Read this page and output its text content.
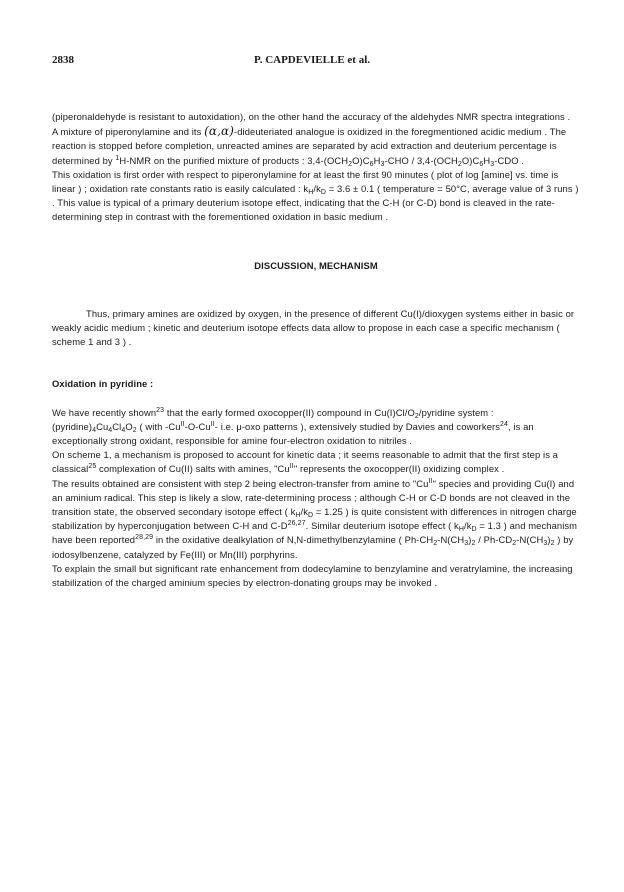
2838	P. CAPDEVIELLE et al.

(piperonaldehyde is resistant to autoxidation), on the other hand the accuracy of the aldehydes NMR spectra integrations .
A mixture of piperonylamine and its (α,α)-dideuteriated analogue is oxidized in the foregmentioned acidic medium . The reaction is stopped before completion, unreacted amines are separated by acid extraction and deuterium percentage is determined by $^1$H-NMR on the purified mixture of products : $3,4-(OCH_2O)C_6H_3$-CHO / $3,4-(OCH_2O)C_6H_3$-CDO .
This oxidation is first order with respect to piperonylamine for at least the first 90 minutes ( plot of log [amine] vs. time is linear ) ; oxidation rate constants ratio is easily calculated : $k_H/k_D = 3.6 \pm 0.1$ ( temperature = 50°C, average value of 3 runs ) . This value is typical of a primary deuterium isotope effect, indicating that the C-H (or C-D) bond is cleaved in the rate-determining step in contrast with the forementioned oxidation in basic medium .

DISCUSSION, MECHANISM

Thus, primary amines are oxidized by oxygen, in the presence of different Cu(I)/dioxygen systems either in basic or weakly acidic medium ; kinetic and deuterium isotope effects data allow to propose in each case a specific mechanism ( scheme 1 and 3 ) .

Oxidation in pyridine :

We have recently shown$^{23}$ that the early formed oxocopper(II) compound in $Cu(I)Cl/O_2$/pyridine system : $(pyridine)_4Cu_4Cl_4O_2$ ( with $-Cu^{II}-O-Cu^{II}-$ i.e. μ-oxo patterns ), extensively studied by Davies and coworkers$^{24}$, is an exceptionally strong oxidant, responsible for amine four-electron oxidation to nitriles .
On scheme 1, a mechanism is proposed to account for kinetic data ; it seems reasonable to admit that the first step is a classical$^{25}$ complexation of Cu(II) salts with amines, "$Cu^{II}$" represents the oxocopper(II) oxidizing complex .
The results obtained are consistent with step 2 being electron-transfer from amine to "$Cu^{II}$" species and providing Cu(I) and an aminium radical. This step is likely a slow, rate-determining process ; although C-H or C-D bonds are not cleaved in the transition state, the observed secondary isotope effect ( $k_H/k_D = 1.25$ ) is quite consistent with differences in nitrogen charge stabilization by hyperconjugation between C-H and $C-D^{26,27}$. Similar deuterium isotope effect ( $k_H/k_D = 1.3$ ) and mechanism have been reported$^{28,29}$ in the oxidative dealkylation of N,N-dimethylbenzylamine ( $Ph-CH_2-N(CH_3)_2 / Ph-CD_2-N(CH_3)_2$ ) by iodosylbenzene, catalyzed by Fe(III) or Mn(III) porphyrins.
To explain the small but significant rate enhancement from dodecylamine to benzylamine and veratrylamine, the increasing stabilization of the charged aminium species by electron-donating groups may be invoked .
